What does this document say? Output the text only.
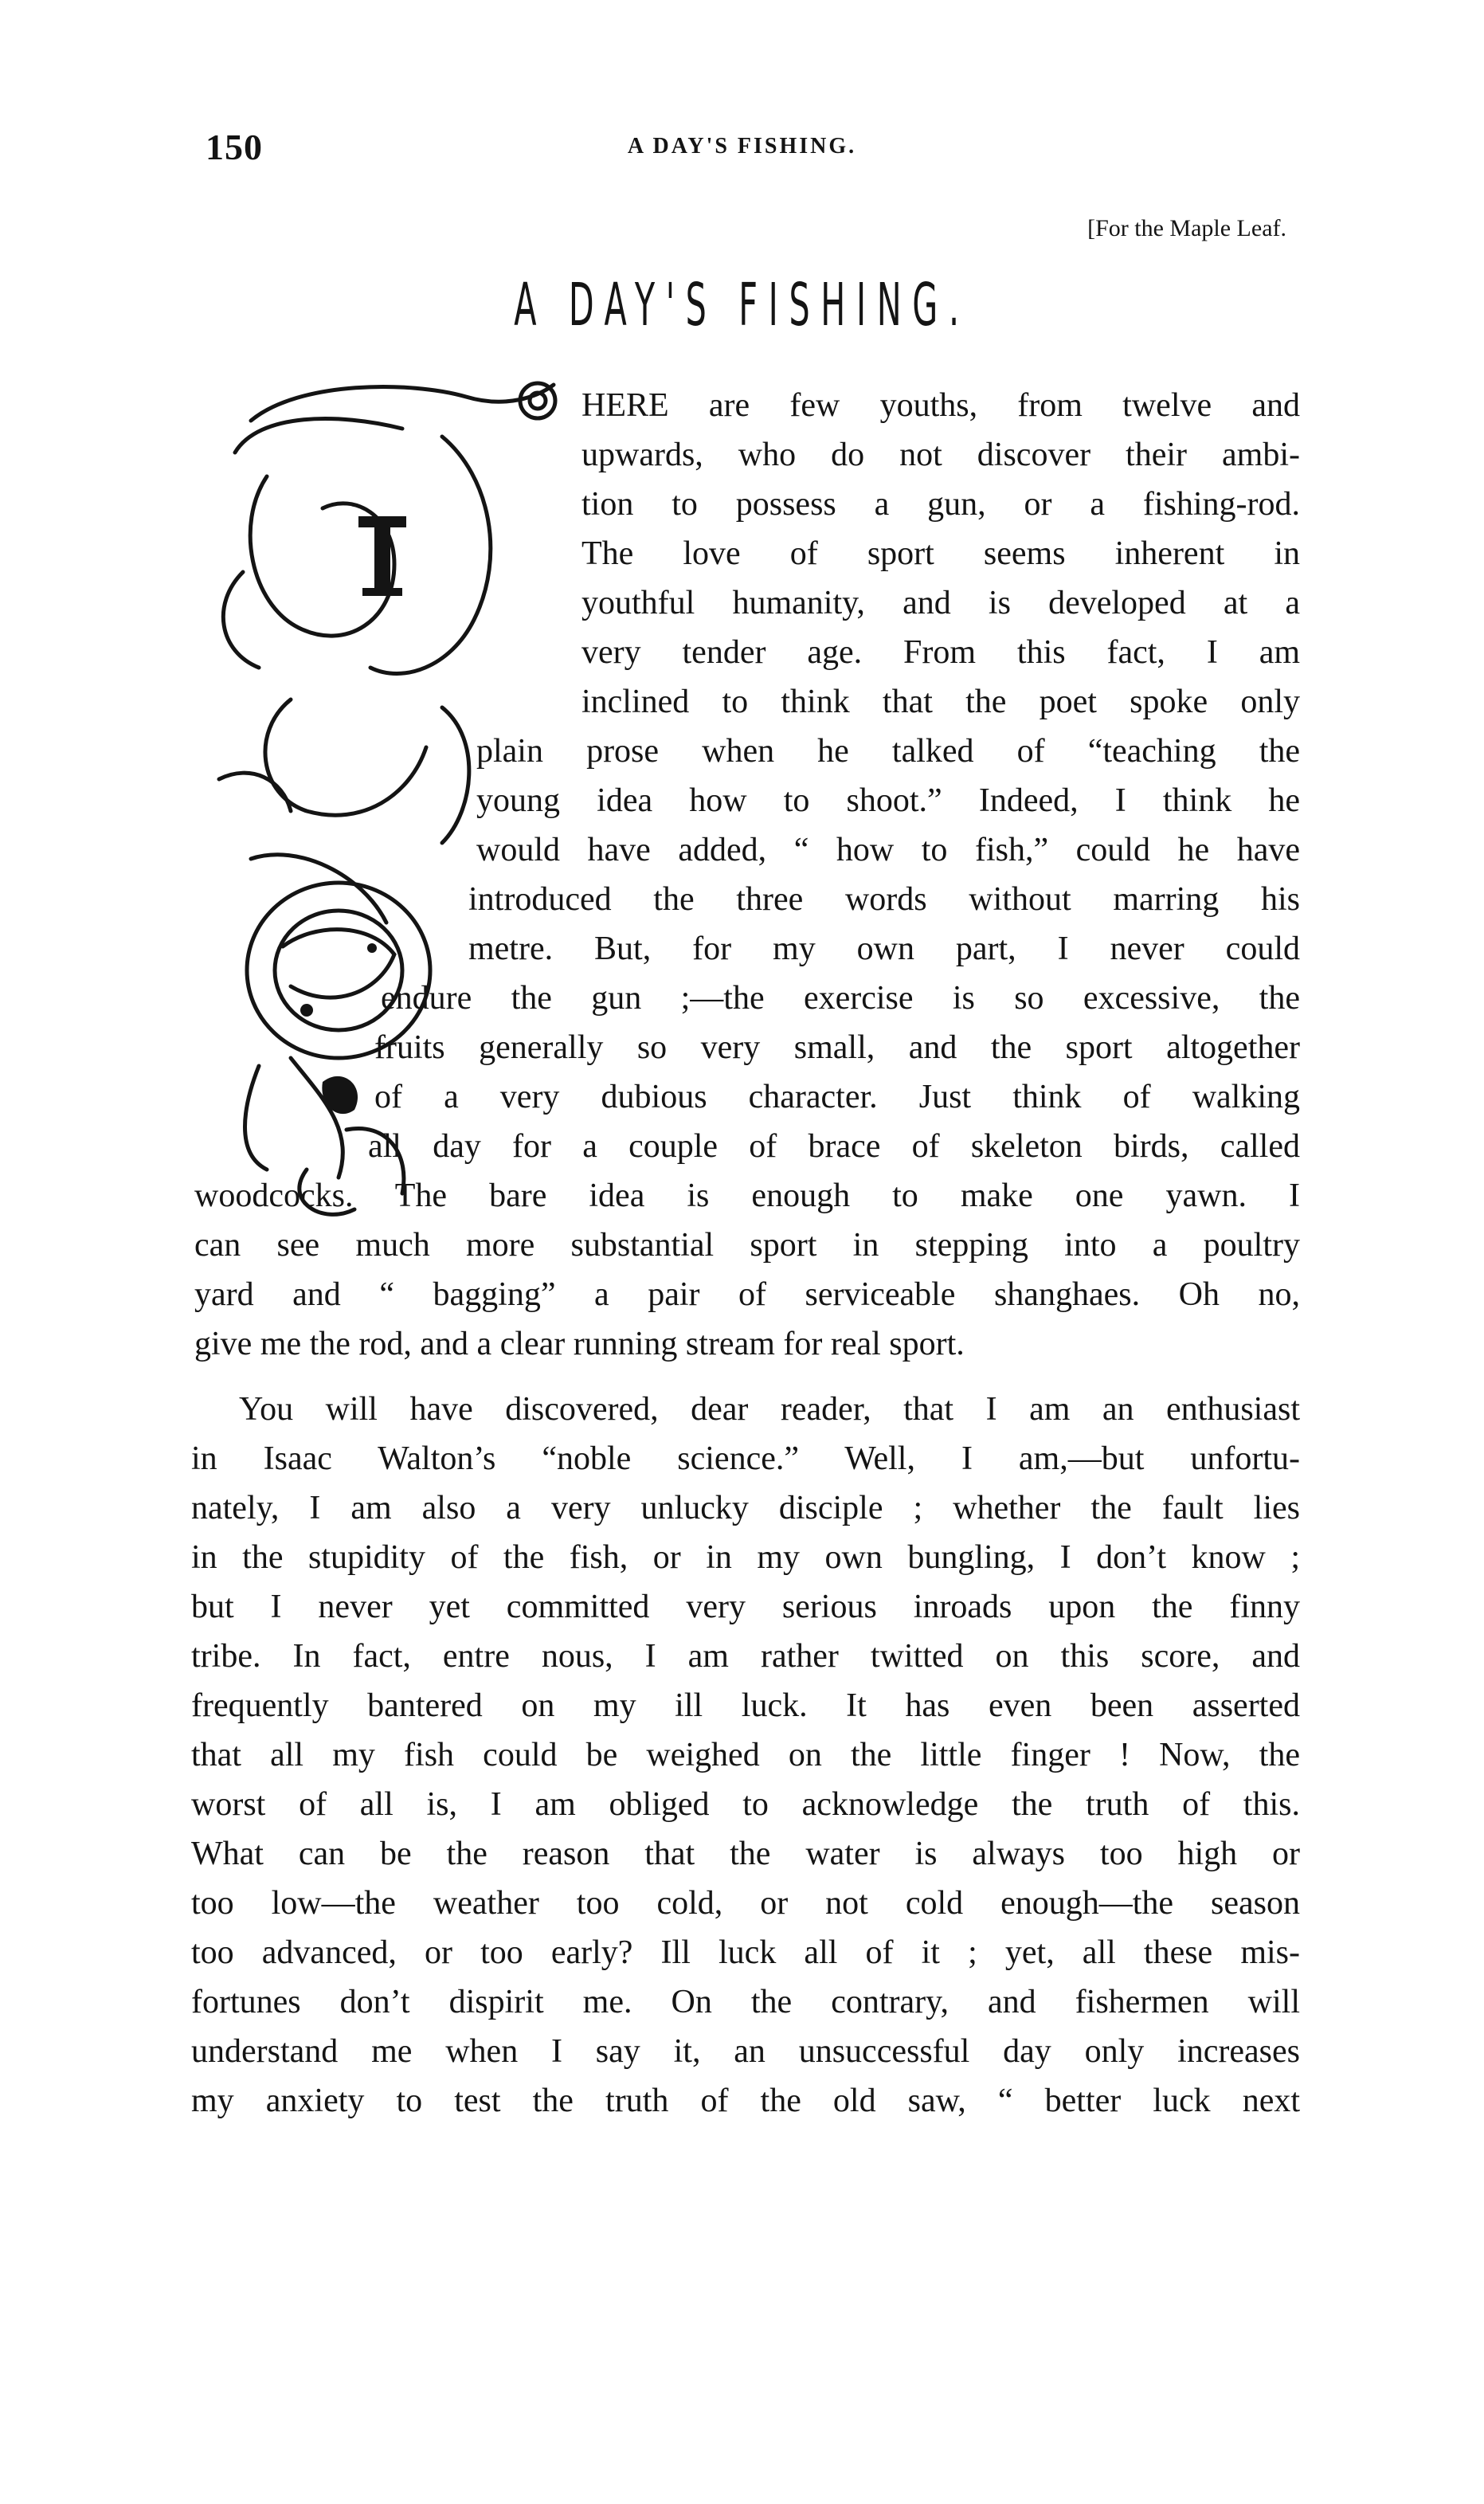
150	A DAY'S FISHING.
[For the Maple Leaf.
A DAY'S FISHING.
HERE are few youths, from twelve and
upwards, who do not discover their ambi-
tion to possess a gun, or a fishing-rod.
The love of sport seems inherent in
youthful humanity, and is developed at a
very tender age. From this fact, I am
inclined to think that the poet spoke only
plain prose when he talked of “teaching the
young idea how to shoot.” Indeed, I think he
would have added, “ how to fish,” could he have
introduced the three words without marring his
metre. But, for my own part, I never could
endure the gun ;—the exercise is so excessive, the
fruits generally so very small, and the sport altogether
of a very dubious character. Just think of walking
all day for a couple of brace of skeleton birds, called
woodcocks. The bare idea is enough to make one yawn. I
can see much more substantial sport in stepping into a poultry
yard and “ bagging” a pair of serviceable shanghaes. Oh no,
give me the rod, and a clear running stream for real sport.
You will have discovered, dear reader, that I am an enthusiast
in Isaac Walton’s “noble science.” Well, I am,—but unfortu-
nately, I am also a very unlucky disciple ; whether the fault lies
in the stupidity of the fish, or in my own bungling, I don’t know ;
but I never yet committed very serious inroads upon the finny
tribe. In fact, entre nous, I am rather twitted on this score, and
frequently bantered on my ill luck. It has even been asserted
that all my fish could be weighed on the little finger ! Now, the
worst of all is, I am obliged to acknowledge the truth of this.
What can be the reason that the water is always too high or
too low—the weather too cold, or not cold enough—the season
too advanced, or too early? Ill luck all of it ; yet, all these mis-
fortunes don’t dispirit me. On the contrary, and fishermen will
understand me when I say it, an unsuccessful day only increases
my anxiety to test the truth of the old saw, “ better luck next
